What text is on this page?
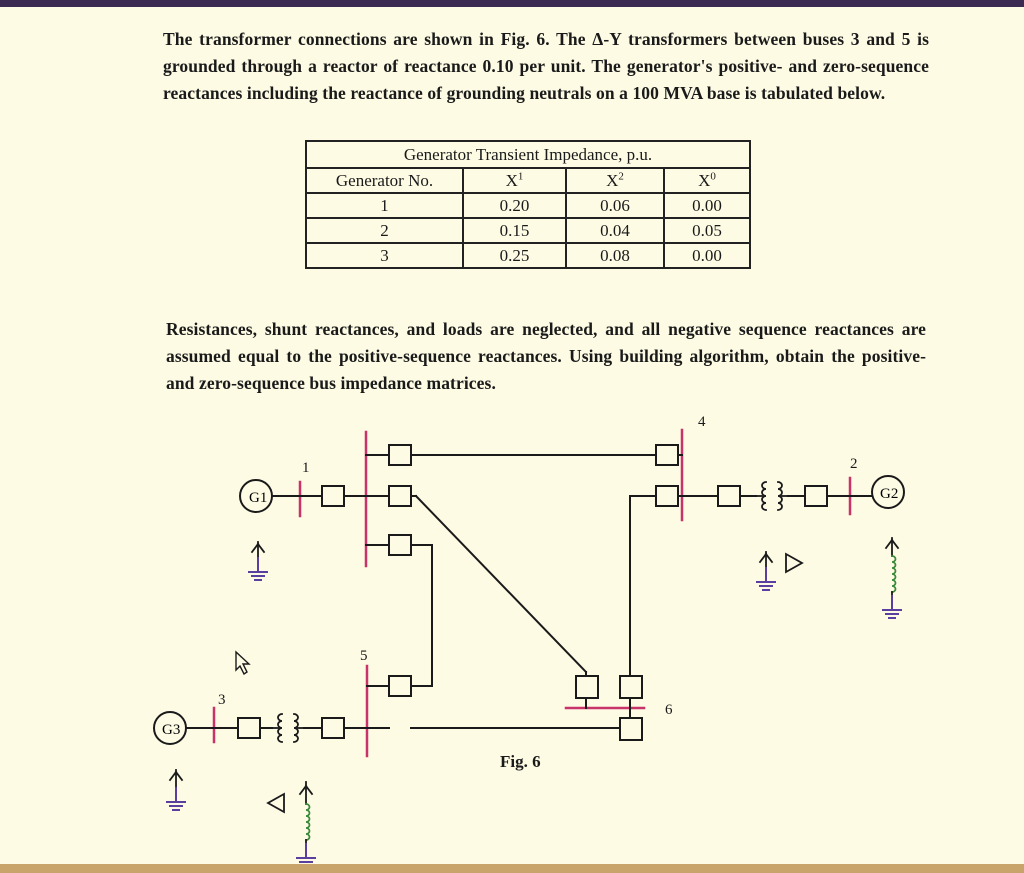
The transformer connections are shown in Fig. 6. The Δ-Y transformers between buses 3 and 5 is grounded through a reactor of reactance 0.10 per unit. The generator's positive- and zero-sequence reactances including the reactance of grounding neutrals on a 100 MVA base is tabulated below.

Generator Transient Impedance, p.u.			
Generator No.	$X^1$	$X^2$	$X^0$
1	0.20	0.06	0.00
2	0.15	0.04	0.05
3	0.25	0.08	0.00

Resistances, shunt reactances, and loads are neglected, and all negative sequence reactances are assumed equal to the positive-sequence reactances. Using building algorithm, obtain the positive- and zero-sequence bus impedance matrices.

G1	G2
G3
1	2
3
4
5
6
Fig. 6
